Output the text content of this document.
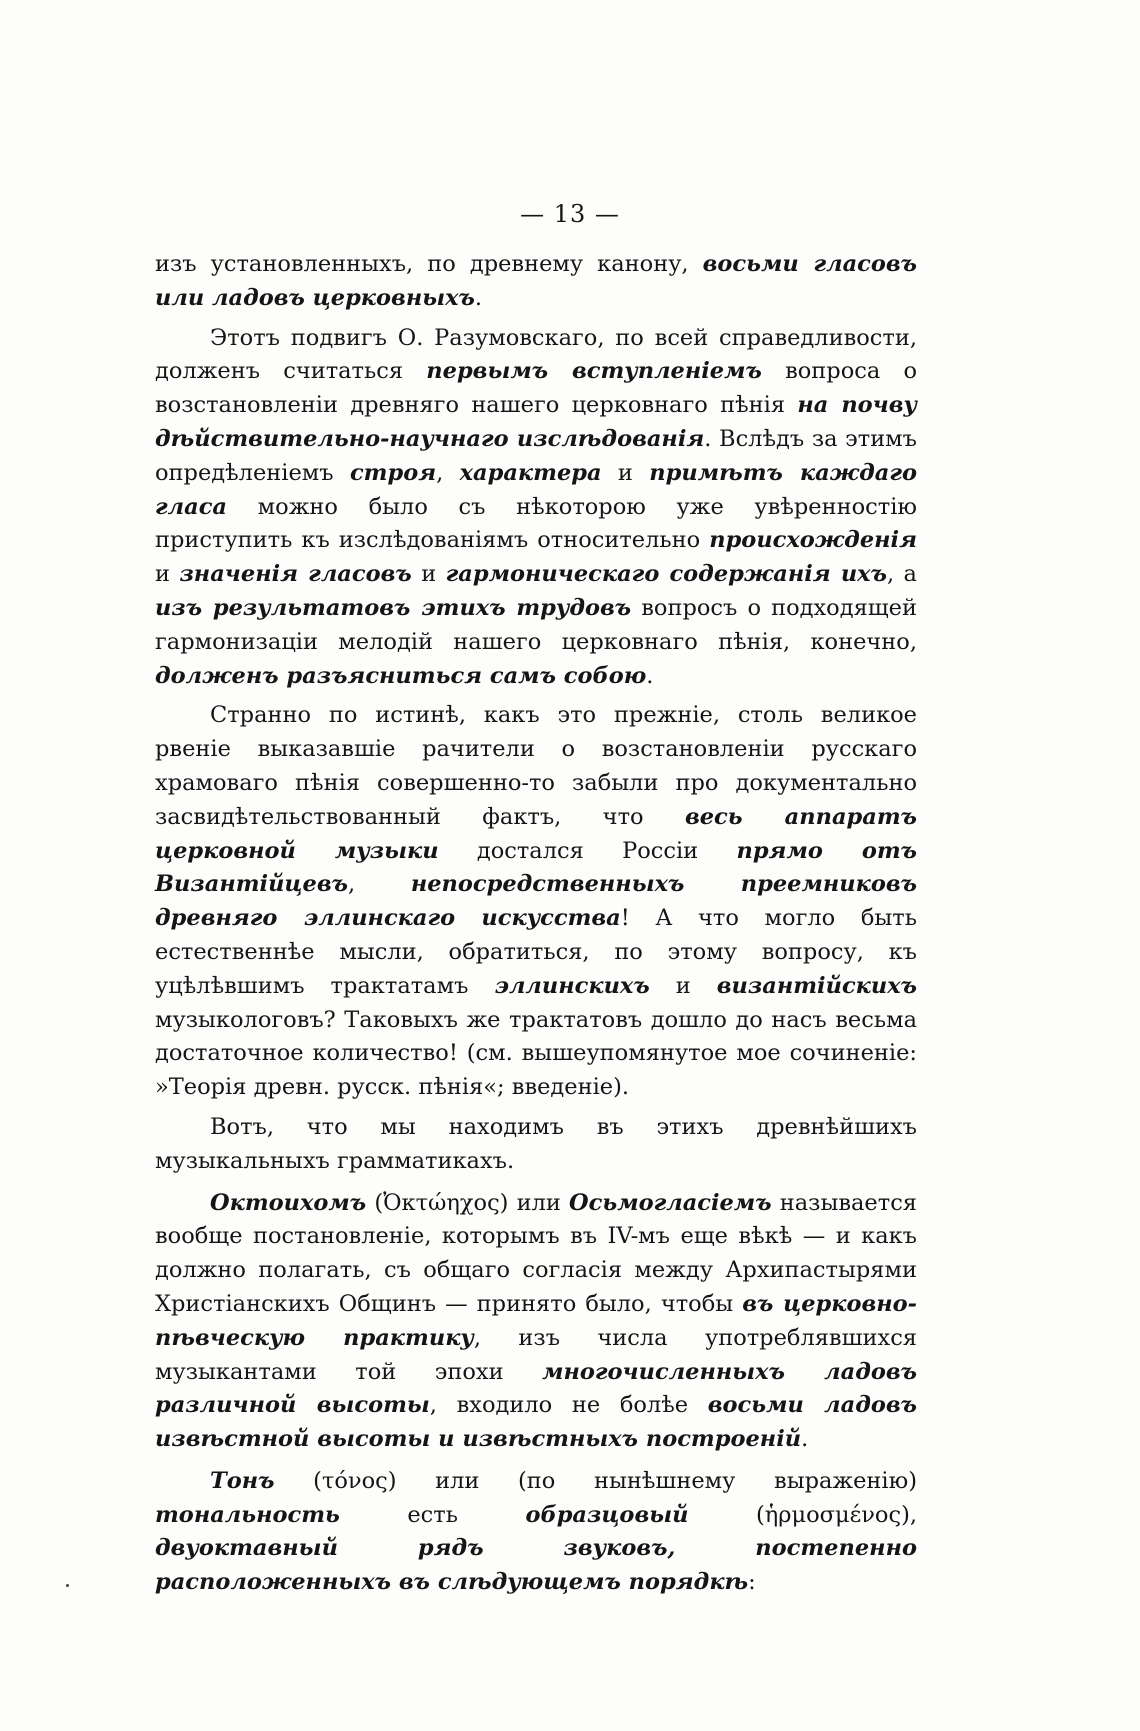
— 13 —

изъ установленныхъ, по древнему канону, восьми гласовъ или ладовъ церковныхъ.

Этотъ подвигъ О. Разумовскаго, по всей справедливости, долженъ считаться первымъ вступленіемъ вопроса о возстановленіи древняго нашего церковнаго пѣнія на почву дѣйствительно-научнаго изслѣдованія. Вслѣдъ за этимъ опредѣленіемъ строя, характера и примѣтъ каждаго гласа можно было съ нѣкоторою уже увѣренностію приступить къ изслѣдованіямъ относительно происхожденія и значенія гласовъ и гармоническаго содержанія ихъ, а изъ результатовъ этихъ трудовъ вопросъ о подходящей гармонизаціи мелодій нашего церковнаго пѣнія, конечно, долженъ разъясниться самъ собою.

Странно по истинѣ, какъ это прежніе, столь великое рвеніе выказавшіе рачители о возстановленіи русскаго храмоваго пѣнія совершенно-то забыли про документально засвидѣтельствованный фактъ, что весь аппаратъ церковной музыки достался Россіи прямо отъ Византійцевъ, непосредственныхъ преемниковъ древняго эллинскаго искусства! А что могло быть естественнѣе мысли, обратиться, по этому вопросу, къ уцѣлѣвшимъ трактатамъ эллинскихъ и византійскихъ музыкологовъ? Таковыхъ же трактатовъ дошло до насъ весьма достаточное количество! (см. вышеупомянутое мое сочиненіе: »Теорія древн. русск. пѣнія«; введеніе).

Вотъ, что мы находимъ въ этихъ древнѣйшихъ музыкальныхъ грамматикахъ.

Октоихомъ (Ὀκτώηχος) или Осьмогласіемъ называется вообще постановленіе, которымъ въ IV-мъ еще вѣкѣ — и какъ должно полагать, съ общаго согласія между Архипастырями Христіанскихъ Общинъ — принято было, чтобы въ церковно-пѣвческую практику, изъ числа употреблявшихся музыкантами той эпохи многочисленныхъ ладовъ различной высоты, входило не болѣе восьми ладовъ извѣстной высоты и извѣстныхъ построеній.

Тонъ (τόνος) или (по нынѣшнему выраженію) тональность есть образцовый (ἡρμοσμένος), двуоктавный рядъ звуковъ, постепенно расположенныхъ въ слѣдующемъ порядкѣ:
